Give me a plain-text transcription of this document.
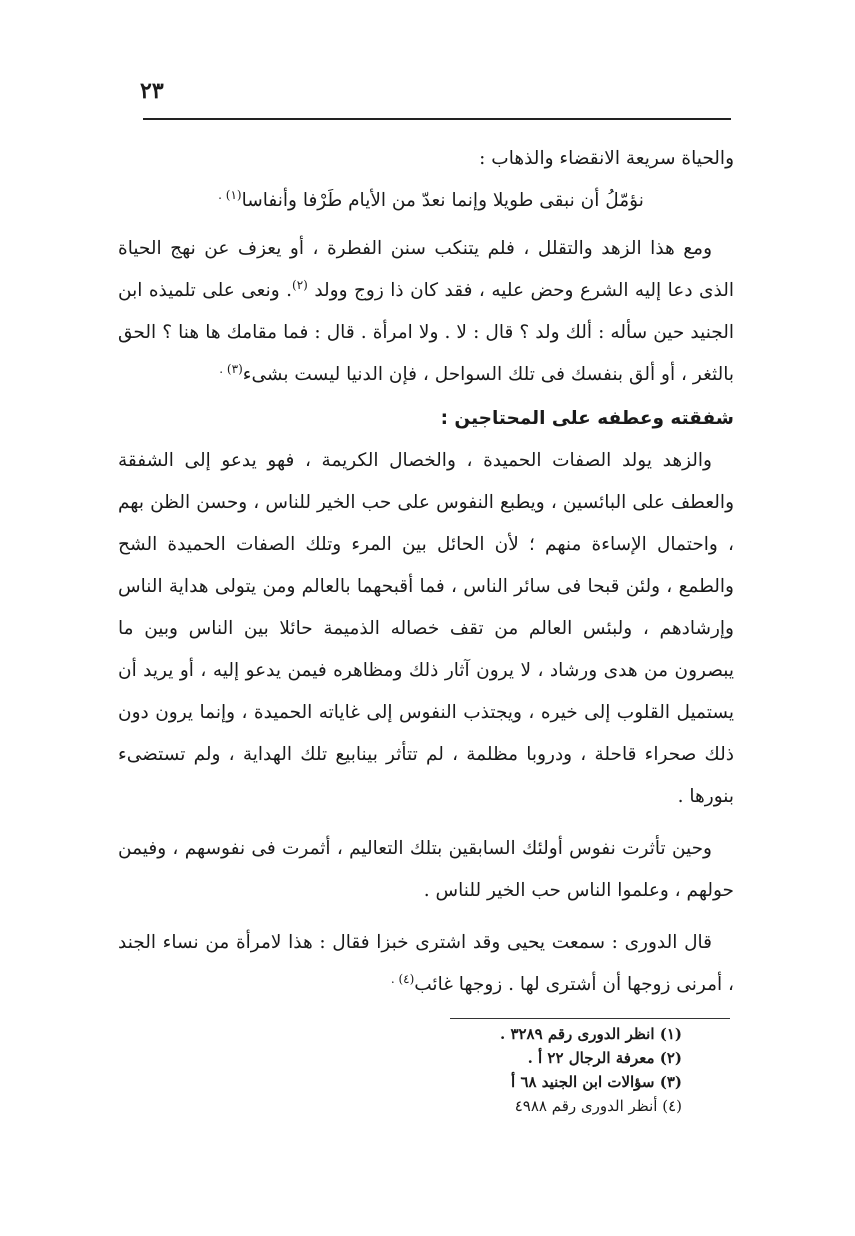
٢٣

والحياة سريعة الانقضاء والذهاب :

نؤمّلُ أن نبقى طويلا وإنما نعدّ من الأيام طَرْفا وأنفاسا$^{(١) .}$

ومع هذا الزهد والتقلل ، فلم يتنكب سنن الفطرة ، أو يعزف عن نهج الحياة الذى دعا إليه الشرع وحض عليه ، فقد كان ذا زوج وولد $^{(٢)}$. ونعى على تلميذه ابن الجنيد حين سأله : ألك ولد ؟ قال : لا . ولا امرأة . قال : فما مقامك ها هنا ؟ الحق بالثغر ، أو ألق بنفسك فى تلك السواحل ، فإن الدنيا ليست بشىء$^{(٣) .}$

شفقته وعطفه على المحتاجين :

والزهد يولد الصفات الحميدة ، والخصال الكريمة ، فهو يدعو إلى الشفقة والعطف على البائسين ، ويطبع النفوس على حب الخير للناس ، وحسن الظن بهم ، واحتمال الإساءة منهم ؛ لأن الحائل بين المرء وتلك الصفات الحميدة الشح والطمع ، ولئن قبحا فى سائر الناس ، فما أقبحهما بالعالم ومن يتولى هداية الناس وإرشادهم ، ولبئس العالم من تقف خصاله الذميمة حائلا بين الناس وبين ما يبصرون من هدى ورشاد ، لا يرون آثار ذلك ومظاهره فيمن يدعو إليه ، أو يريد أن يستميل القلوب إلى خيره ، ويجتذب النفوس إلى غاياته الحميدة ، وإنما يرون دون ذلك صحراء قاحلة ، ودروبا مظلمة ، لم تتأثر بينابيع تلك الهداية ، ولم تستضىء بنورها .

وحين تأثرت نفوس أولئك السابقين بتلك التعاليم ، أثمرت فى نفوسهم ، وفيمن حولهم ، وعلموا الناس حب الخير للناس .

قال الدورى : سمعت يحيى وقد اشترى خبزا فقال : هذا لامرأة من نساء الجند ، أمرنى زوجها أن أشترى لها . زوجها غائب$^{(٤) .}$

(١) انظر الدورى رقم ٣٢٨٩ .
(٢) معرفة الرجال ٢٢ أ .
(٣) سؤالات ابن الجنيد ٦٨ أ
(٤) أنظر الدورى رقم ٤٩٨٨
